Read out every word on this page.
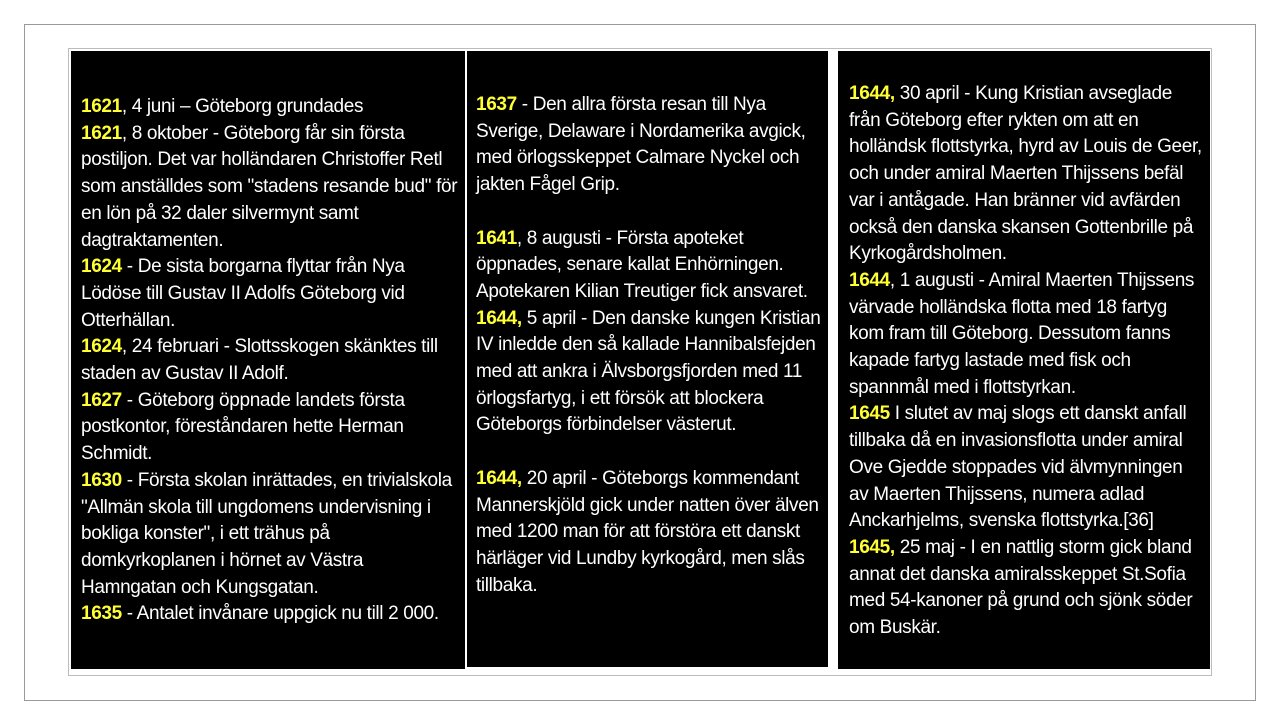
1621, 4 juni – Göteborg grundades

1621, 8 oktober - Göteborg får sin första postiljon. Det var holländaren Christoffer Retl som anställdes som "stadens resande bud" för en lön på 32 daler silvermynt samt dagtraktamenten.

1624 - De sista borgarna flyttar från Nya Lödöse till Gustav II Adolfs Göteborg vid Otterhällan.

1624, 24 februari - Slottsskogen skänktes till staden av Gustav II Adolf.

1627 - Göteborg öppnade landets första postkontor, föreståndaren hette Herman Schmidt.

1630 - Första skolan inrättades, en trivialskola "Allmän skola till ungdomens undervisning i bokliga konster", i ett trähus på domkyrkoplanen i hörnet av Västra Hamngatan och Kungsgatan.

1635 - Antalet invånare uppgick nu till 2 000.

1637 - Den allra första resan till Nya Sverige, Delaware i Nordamerika avgick, med örlogsskeppet Calmare Nyckel och jakten Fågel Grip.

1641, 8 augusti - Första apoteket öppnades, senare kallat Enhörningen. Apotekaren Kilian Treutiger fick ansvaret.

1644, 5 april - Den danske kungen Kristian IV inledde den så kallade Hannibalsfejden med att ankra i Älvsborgsfjorden med 11 örlogsfartyg, i ett försök att blockera Göteborgs förbindelser västerut.

1644, 20 april - Göteborgs kommendant Mannerskjöld gick under natten över älven med 1200 man för att förstöra ett danskt härläger vid Lundby kyrkogård, men slås tillbaka.

1644, 30 april - Kung Kristian avseglade från Göteborg efter rykten om att en holländsk flottstyrka, hyrd av Louis de Geer, och under amiral Maerten Thijssens befäl var i antågade. Han bränner vid avfärden också den danska skansen Gottenbrille på Kyrkogårdsholmen.

1644, 1 augusti - Amiral Maerten Thijssens värvade holländska flotta med 18 fartyg kom fram till Göteborg. Dessutom fanns kapade fartyg lastade med fisk och spannmål med i flottstyrkan.

1645 I slutet av maj slogs ett danskt anfall tillbaka då en invasionsflotta under amiral Ove Gjedde stoppades vid älvmynningen av Maerten Thijssens, numera adlad Anckarhjelms, svenska flottstyrka.[36]

1645, 25 maj - I en nattlig storm gick bland annat det danska amiralsskeppet St.Sofia med 54-kanoner på grund och sjönk söder om Buskär.
